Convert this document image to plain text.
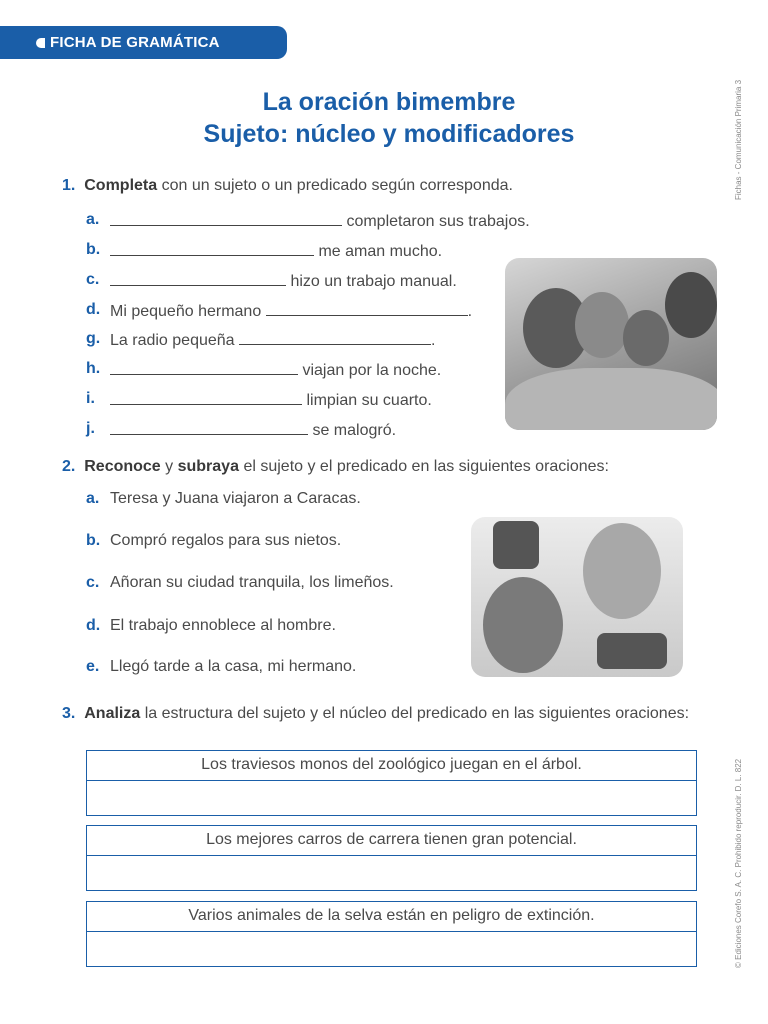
FICHA DE GRAMÁTICA
La oración bimembre
Sujeto: núcleo y modificadores	Fichas - Comunicación Primaria 3
© Ediciones Corefo S. A. C. Prohibido reproducir. D. L. 822
1. Completa con un sujeto o un predicado según corresponda.
a.	completaron sus trabajos.
b.	me aman mucho.
c.	hizo un trabajo manual.
d. Mi pequeño hermano	.
g. La radio pequeña	.
h.	viajan por la noche.
i.	limpian su cuarto.
j.	se malogró.
2. Reconoce y subraya el sujeto y el predicado en las siguientes oraciones:
a. Teresa y Juana viajaron a Caracas.
b. Compró regalos para sus nietos.
c. Añoran su ciudad tranquila, los limeños.
d. El trabajo ennoblece al hombre.
e. Llegó tarde a la casa, mi hermano.
3. Analiza la estructura del sujeto y el núcleo del predicado en las siguientes oraciones:
Los traviesos monos del zoológico juegan en el árbol.
Los mejores carros de carrera tienen gran potencial.
Varios animales de la selva están en peligro de extinción.
